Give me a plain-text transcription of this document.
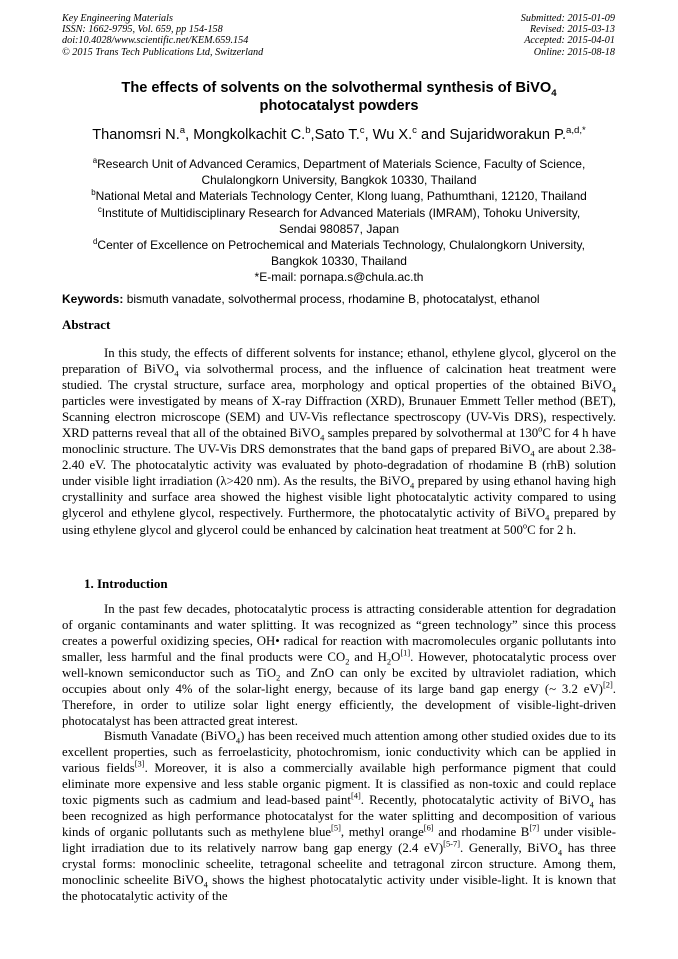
Key Engineering Materials
ISSN: 1662-9795, Vol. 659, pp 154-158
doi:10.4028/www.scientific.net/KEM.659.154
© 2015 Trans Tech Publications Ltd, Switzerland
Submitted: 2015-01-09
Revised: 2015-03-13
Accepted: 2015-04-01
Online: 2015-08-18
The effects of solvents on the solvothermal synthesis of BiVO$_4$
photocatalyst powders
Thanomsri N.$^a$, Mongkolkachit C.$^b$,Sato T.$^c$, Wu X.$^c$ and Sujaridworakun P.$^{a,d,*}$
$^a$Research Unit of Advanced Ceramics, Department of Materials Science, Faculty of Science,
Chulalongkorn University, Bangkok 10330, Thailand
$^b$National Metal and Materials Technology Center, Klong luang, Pathumthani, 12120, Thailand
$^c$Institute of Multidisciplinary Research for Advanced Materials (IMRAM), Tohoku University,
Sendai 980857, Japan
$^d$Center of Excellence on Petrochemical and Materials Technology, Chulalongkorn University,
Bangkok 10330, Thailand
*E-mail: pornapa.s@chula.ac.th
Keywords: bismuth vanadate, solvothermal process, rhodamine B, photocatalyst, ethanol
Abstract
In this study, the effects of different solvents for instance; ethanol, ethylene glycol, glycerol on the preparation of BiVO$_4$ via solvothermal process, and the influence of calcination heat treatment were studied. The crystal structure, surface area, morphology and optical properties of the obtained BiVO$_4$ particles were investigated by means of X-ray Diffraction (XRD), Brunauer Emmett Teller method (BET), Scanning electron microscope (SEM) and UV-Vis reflectance spectroscopy (UV-Vis DRS), respectively. XRD patterns reveal that all of the obtained BiVO$_4$ samples prepared by solvothermal at 130$^o$C for 4 h have monoclinic structure. The UV-Vis DRS demonstrates that the band gaps of prepared BiVO$_4$ are about 2.38-2.40 eV. The photocatalytic activity was evaluated by photo-degradation of rhodamine B (rhB) solution under visible light irradiation (λ>420 nm). As the results, the BiVO$_4$ prepared by using ethanol having high crystallinity and surface area showed the highest visible light photocatalytic activity compared to using glycerol and ethylene glycol, respectively. Furthermore, the photocatalytic activity of BiVO$_4$ prepared by using ethylene glycol and glycerol could be enhanced by calcination heat treatment at 500$^o$C for 2 h.
1. Introduction
In the past few decades, photocatalytic process is attracting considerable attention for degradation of organic contaminants and water splitting. It was recognized as “green technology” since this process creates a powerful oxidizing species, OH• radical for reaction with macromolecules organic pollutants into smaller, less harmful and the final products were $CO_2$ and $H_2O[1]$. However, photocatalytic process over well-known semiconductor such as TiO$_2$ and ZnO can only be excited by ultraviolet radiation, which occupies about only 4% of the solar-light energy, because of its large band gap energy (~ 3.2 eV)[2]. Therefore, in order to utilize solar light energy efficiently, the development of visible-light-driven photocatalyst has been attracted great interest.
Bismuth Vanadate (BiVO$_4$) has been received much attention among other studied oxides due to its excellent properties, such as ferroelasticity, photochromism, ionic conductivity which can be applied in various fields[3]. Moreover, it is also a commercially available high performance pigment that could eliminate more expensive and less stable organic pigment. It is classified as non-toxic and could replace toxic pigments such as cadmium and lead-based paint[4]. Recently, photocatalytic activity of BiVO$_4$ has been recognized as high performance photocatalyst for the water splitting and decomposition of various kinds of organic pollutants such as methylene blue[5], methyl orange[6] and rhodamine B[7] under visible-light irradiation due to its relatively narrow bang gap energy (2.4 eV)[5-7]. Generally, BiVO$_4$ has three crystal forms: monoclinic scheelite, tetragonal scheelite and tetragonal zircon structure. Among them, monoclinic scheelite BiVO$_4$ shows the highest photocatalytic activity under visible-light. It is known that the photocatalytic activity of the
